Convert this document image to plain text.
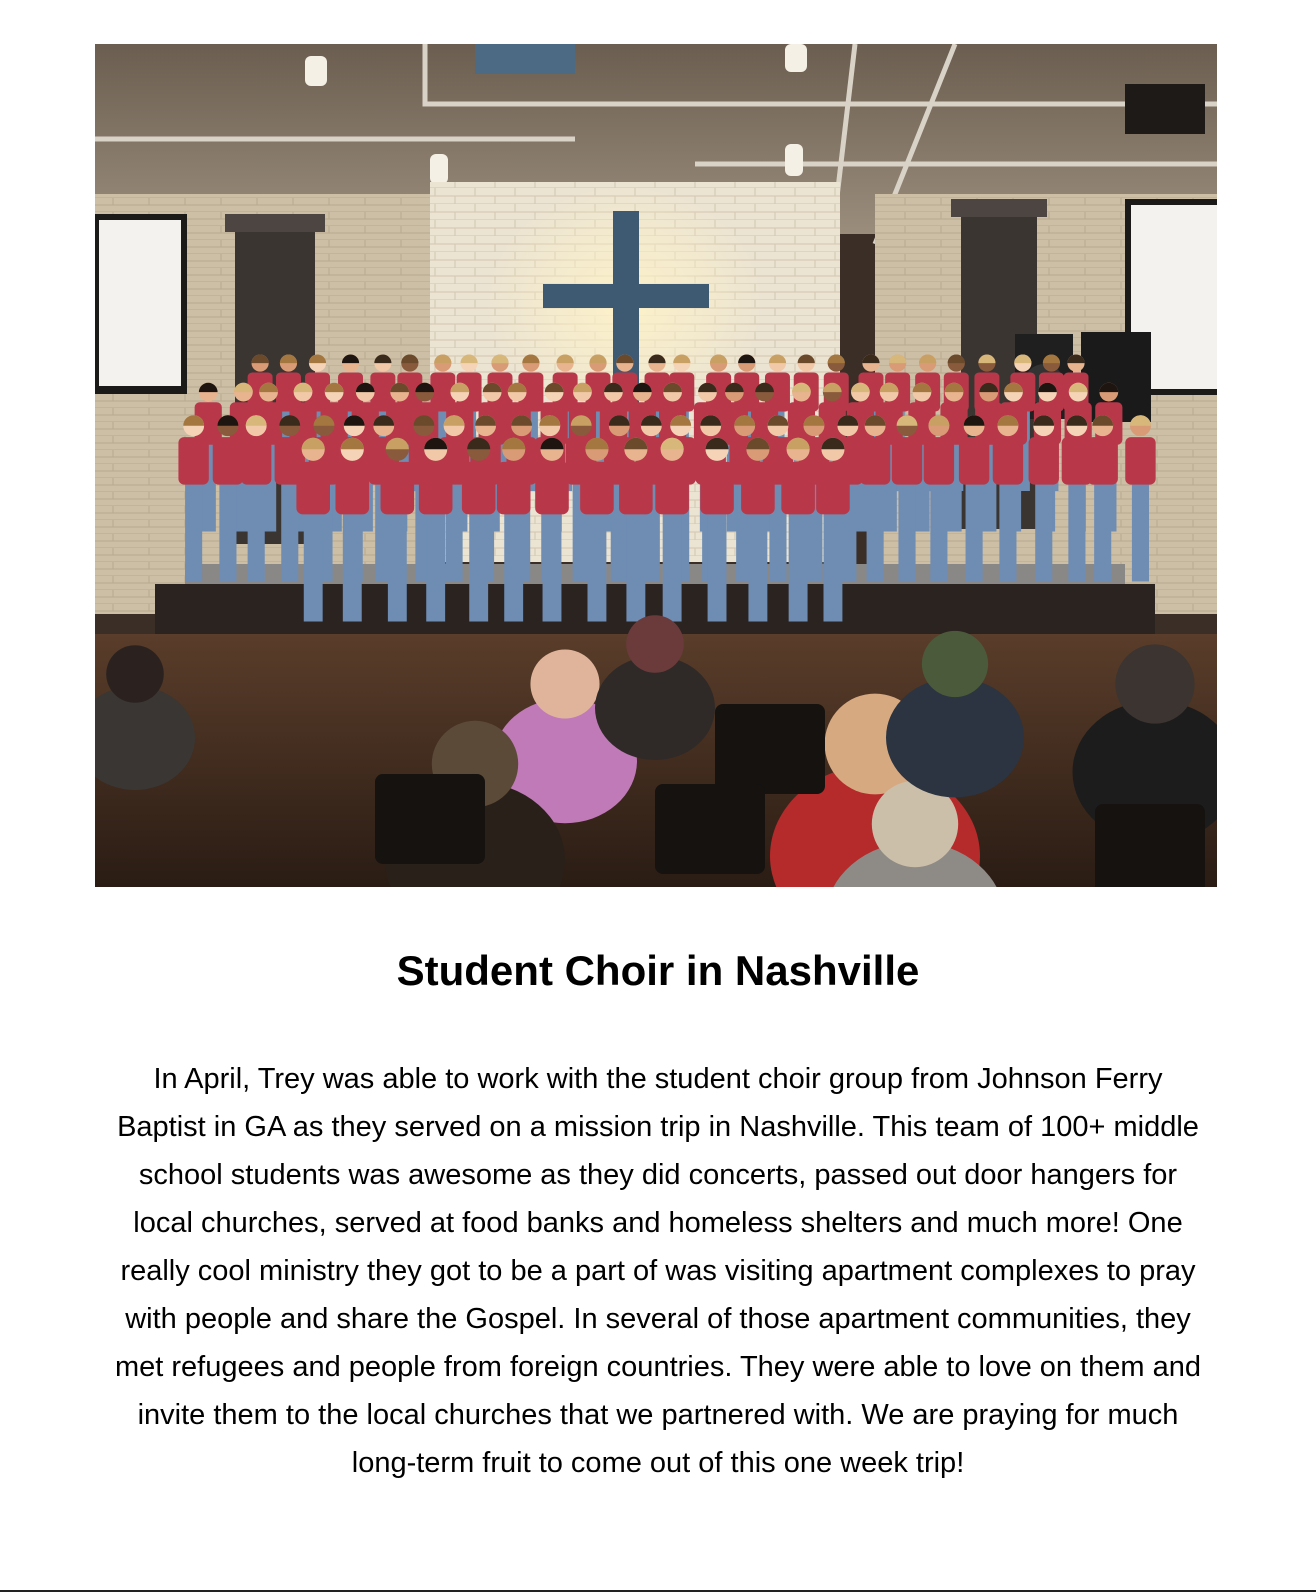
Student Choir in Nashville

In April, Trey was able to work with the student choir group from Johnson Ferry
Baptist in GA as they served on a mission trip in Nashville. This team of 100+ middle
school students was awesome as they did concerts, passed out door hangers for
local churches, served at food banks and homeless shelters and much more! One
really cool ministry they got to be a part of was visiting apartment complexes to pray
with people and share the Gospel. In several of those apartment communities, they
met refugees and people from foreign countries. They were able to love on them and
invite them to the local churches that we partnered with. We are praying for much
long-term fruit to come out of this one week trip!
